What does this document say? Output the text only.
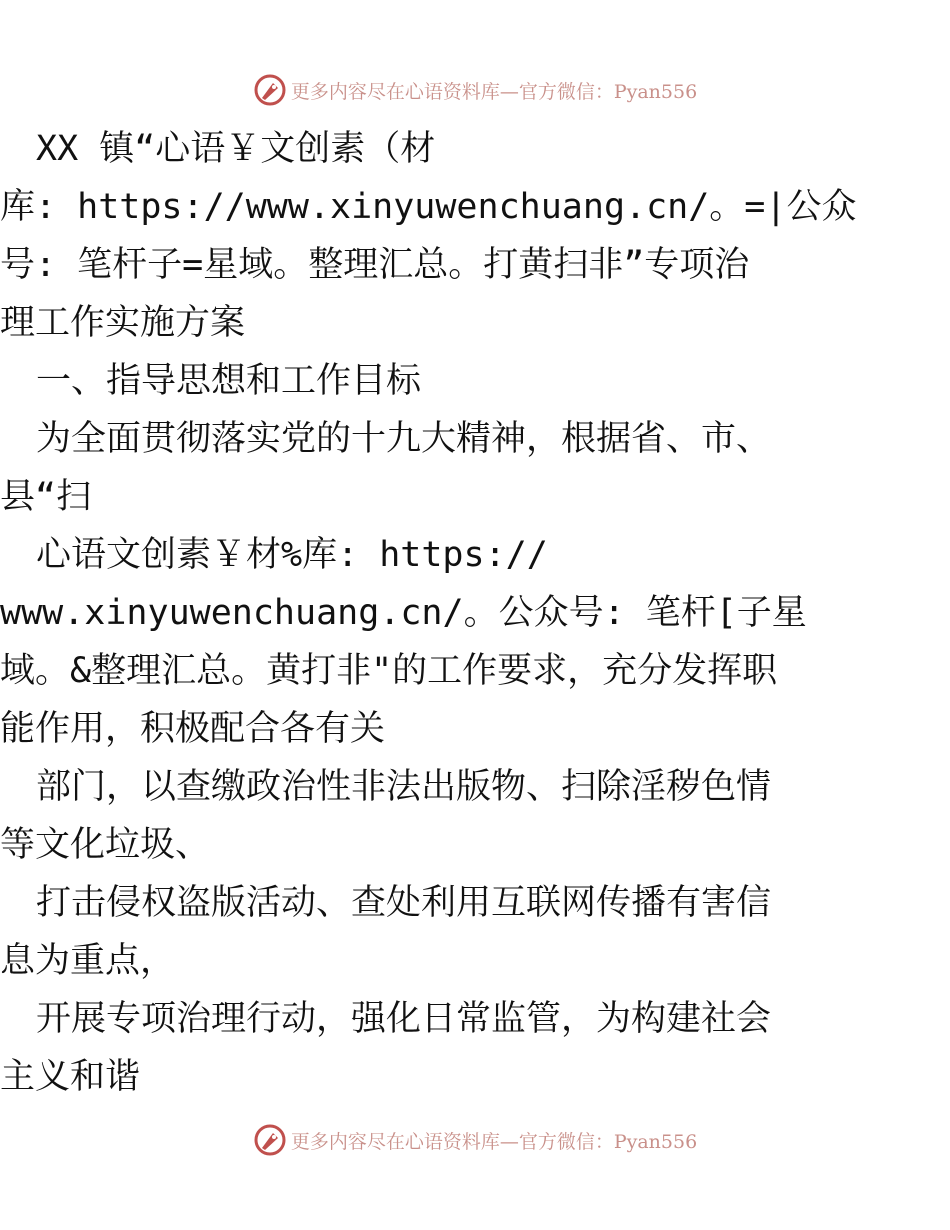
更多内容尽在心语资料库—官方微信：Pyan556
XX 镇“心语￥文创素（材
库: https://www.xinyuwenchuang.cn/。=|公众
号: 笔杆子=星域。整理汇总。打黄扫非”专项治
理工作实施方案
一、指导思想和工作目标
为全面贯彻落实党的十九大精神，根据省、市、
县“扫
心语文创素￥材%库: https://
www.xinyuwenchuang.cn/。公众号: 笔杆[子星
域。&整理汇总。黄打非"的工作要求，充分发挥职
能作用，积极配合各有关
部门，以查缴政治性非法出版物、扫除淫秽色情
等文化垃圾、
打击侵权盗版活动、查处利用互联网传播有害信
息为重点，
开展专项治理行动，强化日常监管，为构建社会
主义和谐
更多内容尽在心语资料库—官方微信：Pyan556
